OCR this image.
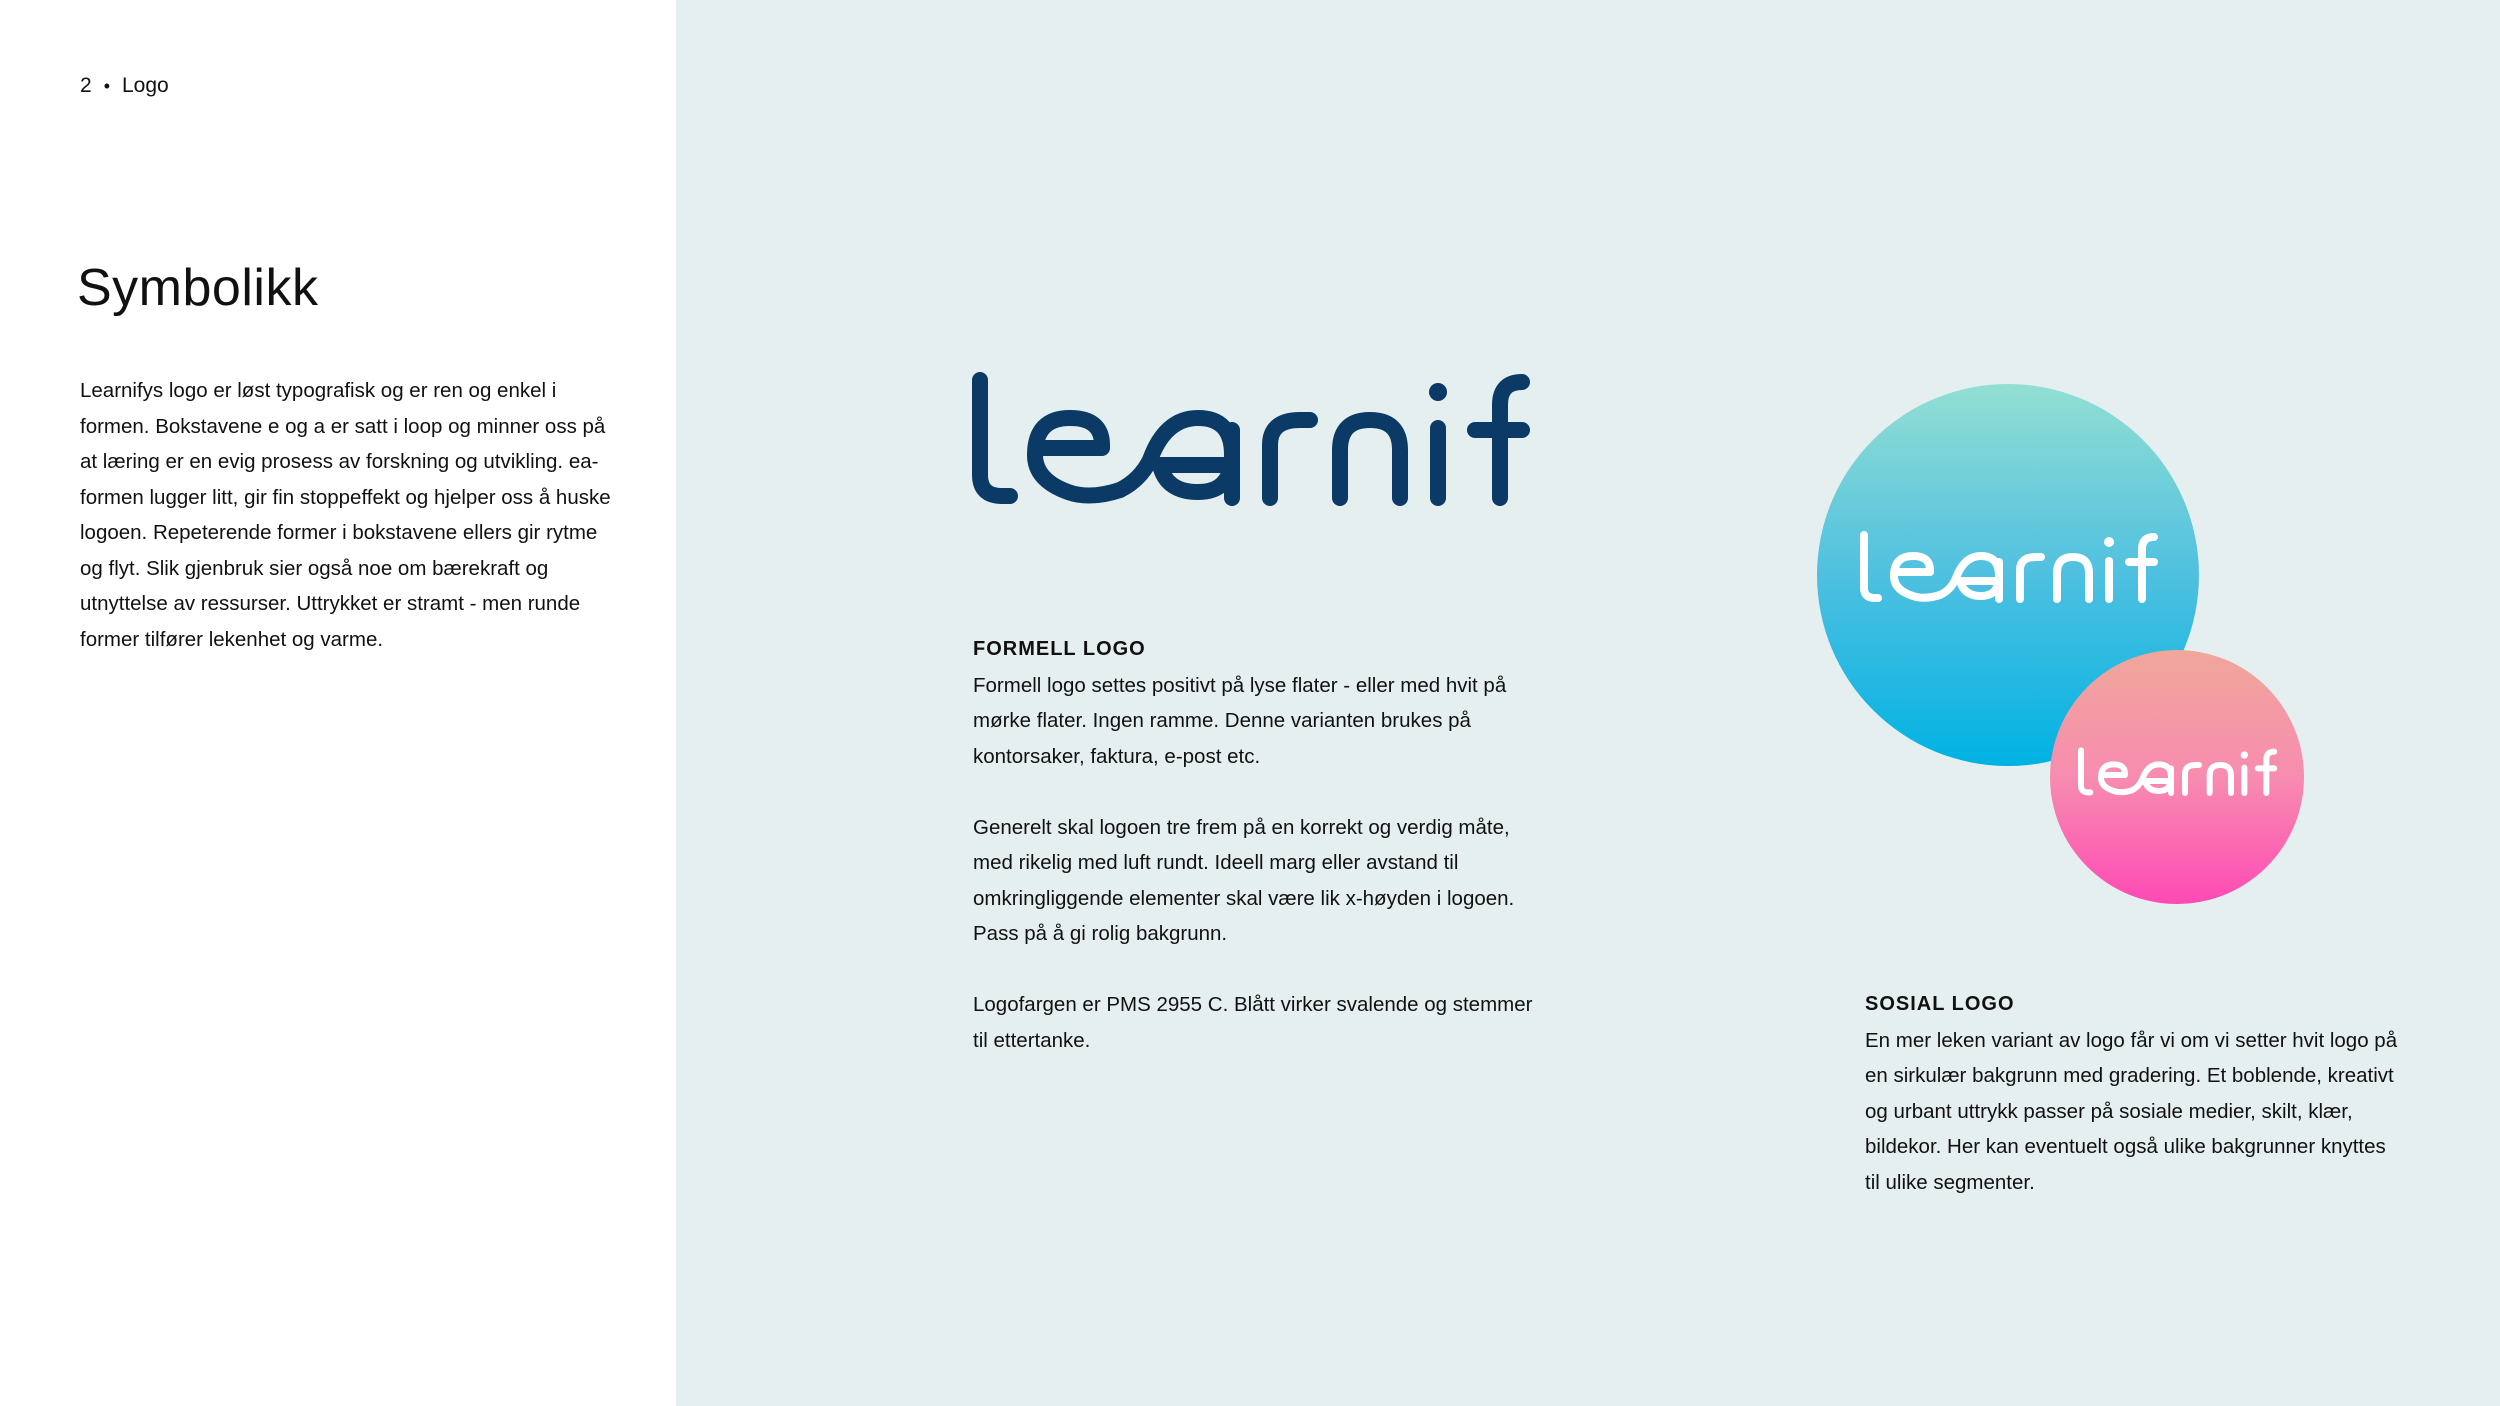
2 • Logo
Symbolikk
Learnifys logo er løst typografisk og er ren og enkel i formen. Bokstavene e og a er satt i loop og minner oss på at læring er en evig prosess av forskning og utvikling. ea-formen lugger litt, gir fin stoppeffekt og hjelper oss å huske logoen. Repeterende former i bokstavene ellers gir rytme og flyt. Slik gjenbruk sier også noe om bærekraft og utnyttelse av ressurser. Uttrykket er stramt - men runde former tilfører lekenhet og varme.	FORMELL LOGO

Formell logo settes positivt på lyse flater - eller med hvit på mørke flater. Ingen ramme. Denne varianten brukes på kontorsaker, faktura, e-post etc.

Generelt skal logoen tre frem på en korrekt og verdig måte, med rikelig med luft rundt. Ideell marg eller avstand til omkringliggende elementer skal være lik x-høyden i logoen. Pass på å gi rolig bakgrunn.

Logofargen er PMS 2955 C. Blått virker svalende og stemmer til ettertanke.

SOSIAL LOGO

En mer leken variant av logo får vi om vi setter hvit logo på en sirkulær bakgrunn med gradering. Et boblende, kreativt og urbant uttrykk passer på sosiale medier, skilt, klær, bildekor. Her kan eventuelt også ulike bakgrunner knyttes til ulike segmenter.
